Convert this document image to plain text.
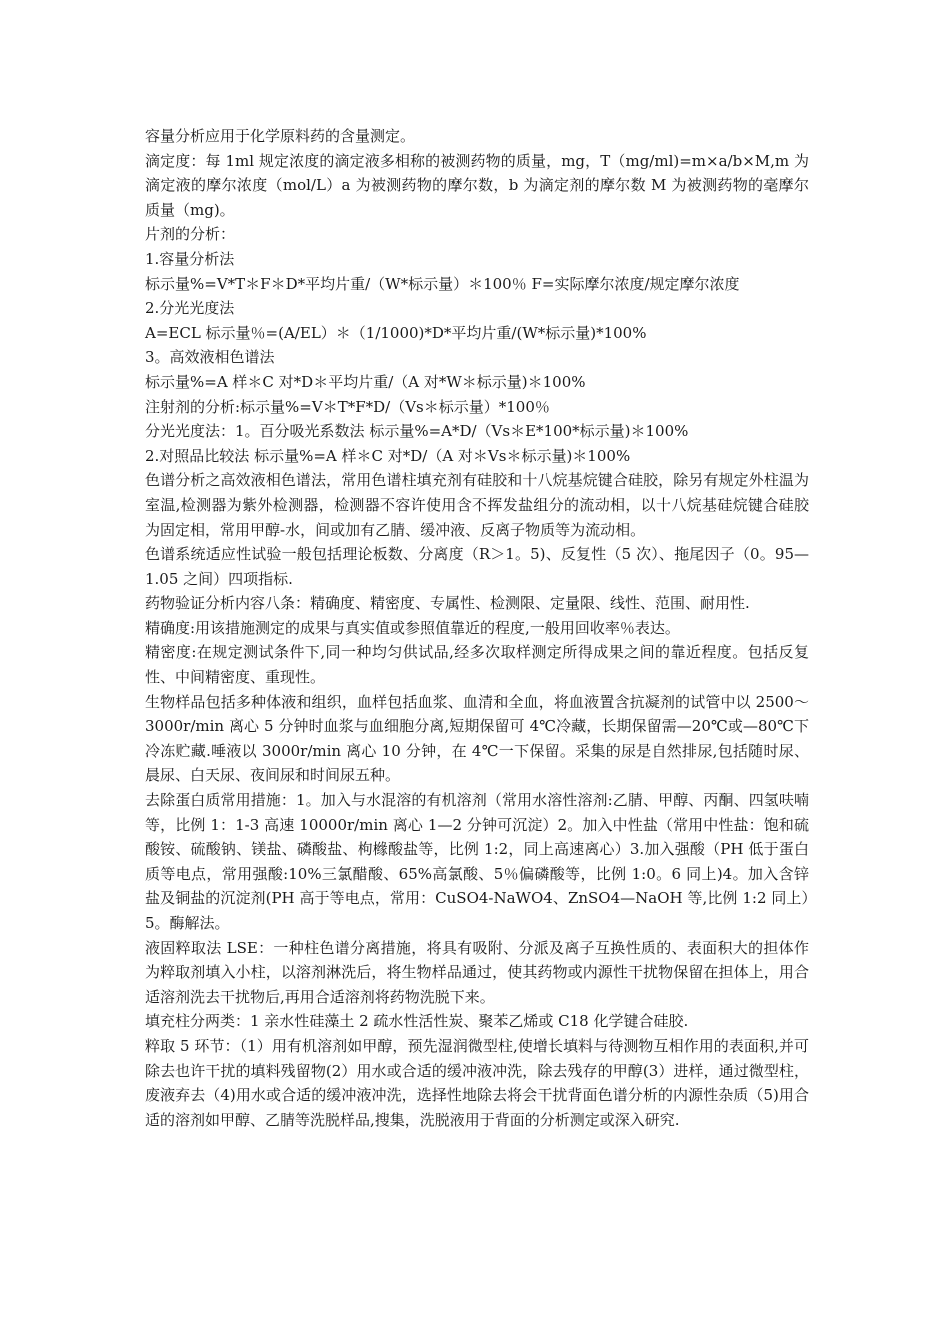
容量分析应用于化学原料药的含量测定。

滴定度：每 1ml 规定浓度的滴定液多相称的被测药物的质量，mg，T（mg/ml)=m×a/b×M,m 为滴定液的摩尔浓度（mol/L）a 为被测药物的摩尔数，b 为滴定剂的摩尔数 M 为被测药物的毫摩尔质量（mg)。

片剂的分析：

1.容量分析法

标示量%=V*T＊F＊D*平均片重/（W*标示量）＊100％ F=实际摩尔浓度/规定摩尔浓度

2.分光光度法

A=ECL 标示量％=(A/EL）＊（1/1000)*D*平均片重/(W*标示量)*100%

3。高效液相色谱法

标示量%=A 样＊C 对*D＊平均片重/（A 对*W＊标示量)＊100%

注射剂的分析:标示量%=V＊T*F*D/（Vs＊标示量）*100％

分光光度法：1。百分吸光系数法 标示量%=A*D/（Vs＊E*100*标示量)＊100%

2.对照品比较法 标示量%=A 样＊C 对*D/（A 对＊Vs＊标示量)＊100%

色谱分析之高效液相色谱法，常用色谱柱填充剂有硅胶和十八烷基烷键合硅胶，除另有规定外柱温为室温,检测器为紫外检测器，检测器不容许使用含不挥发盐组分的流动相，以十八烷基硅烷键合硅胶为固定相，常用甲醇-水，间或加有乙腈、缓冲液、反离子物质等为流动相。

色谱系统适应性试验一般包括理论板数、分离度（R＞1。5)、反复性（5 次）、拖尾因子（0。95—1.05 之间）四项指标.

药物验证分析内容八条：精确度、精密度、专属性、检测限、定量限、线性、范围、耐用性.

精确度:用该措施测定的成果与真实值或参照值靠近的程度,一般用回收率％表达。

精密度:在规定测试条件下,同一种均匀供试品,经多次取样测定所得成果之间的靠近程度。包括反复性、中间精密度、重现性。

生物样品包括多种体液和组织，血样包括血浆、血清和全血，将血液置含抗凝剂的试管中以 2500～3000r/min 离心 5 分钟时血浆与血细胞分离,短期保留可 4℃冷藏，长期保留需—20℃或—80℃下冷冻贮藏.唾液以 3000r/min 离心 10 分钟，在 4℃一下保留。采集的尿是自然排尿,包括随时尿、晨尿、白天尿、夜间尿和时间尿五种。

去除蛋白质常用措施：1。加入与水混溶的有机溶剂（常用水溶性溶剂:乙腈、甲醇、丙酮、四氢呋喃等，比例 1：1-3 高速 10000r/min 离心 1—2 分钟可沉淀）2。加入中性盐（常用中性盐：饱和硫酸铵、硫酸钠、镁盐、磷酸盐、枸橼酸盐等，比例 1:2，同上高速离心）3.加入强酸（PH 低于蛋白质等电点，常用强酸:10%三氯醋酸、65%高氯酸、5％偏磷酸等，比例 1:0。6 同上)4。加入含锌盐及铜盐的沉淀剂(PH 高于等电点，常用：CuSO4-NaWO4、ZnSO4—NaOH 等,比例 1:2 同上）5。酶解法。

液固粹取法 LSE：一种柱色谱分离措施，将具有吸附、分派及离子互换性质的、表面积大的担体作为粹取剂填入小柱，以溶剂淋洗后，将生物样品通过，使其药物或内源性干扰物保留在担体上，用合适溶剂洗去干扰物后,再用合适溶剂将药物洗脱下来。

填充柱分两类：1 亲水性硅藻土 2 疏水性活性炭、聚苯乙烯或 C18 化学键合硅胶.

粹取 5 环节：（1）用有机溶剂如甲醇，预先湿润微型柱,使增长填料与待测物互相作用的表面积,并可除去也许干扰的填料残留物(2）用水或合适的缓冲液冲洗，除去残存的甲醇(3）进样，通过微型柱，废液弃去（4)用水或合适的缓冲液冲洗，选择性地除去将会干扰背面色谱分析的内源性杂质（5)用合适的溶剂如甲醇、乙腈等洗脱样品,搜集，洗脱液用于背面的分析测定或深入研究.
